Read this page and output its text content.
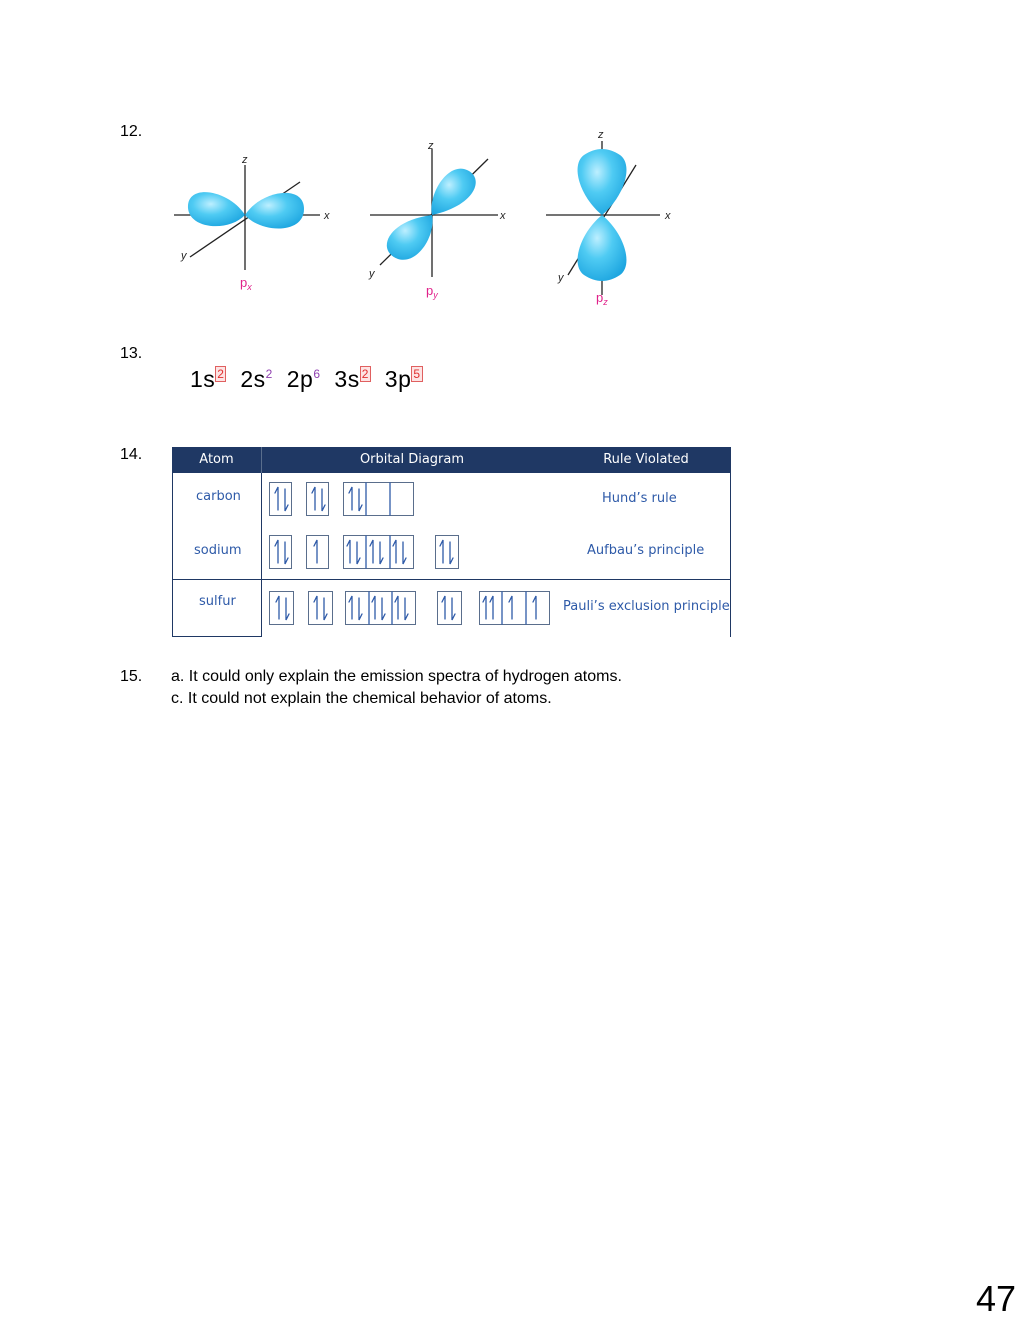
12.
z
x
y
$p_x$
z
x
y
$p_y$
z
x
y
$p_z$
13.
1s $^2$ $2s^2$ $2p^6$ 3s $^2$ 3p $^5$
14.	Atom	Orbital Diagram	Rule Violated
carbon	Hund’s rule
sodium	Aufbau’s principle
sulfur	Pauli’s exclusion principle
15. a. It could only explain the emission spectra of hydrogen atoms.
c. It could not explain the chemical behavior of atoms.
47
